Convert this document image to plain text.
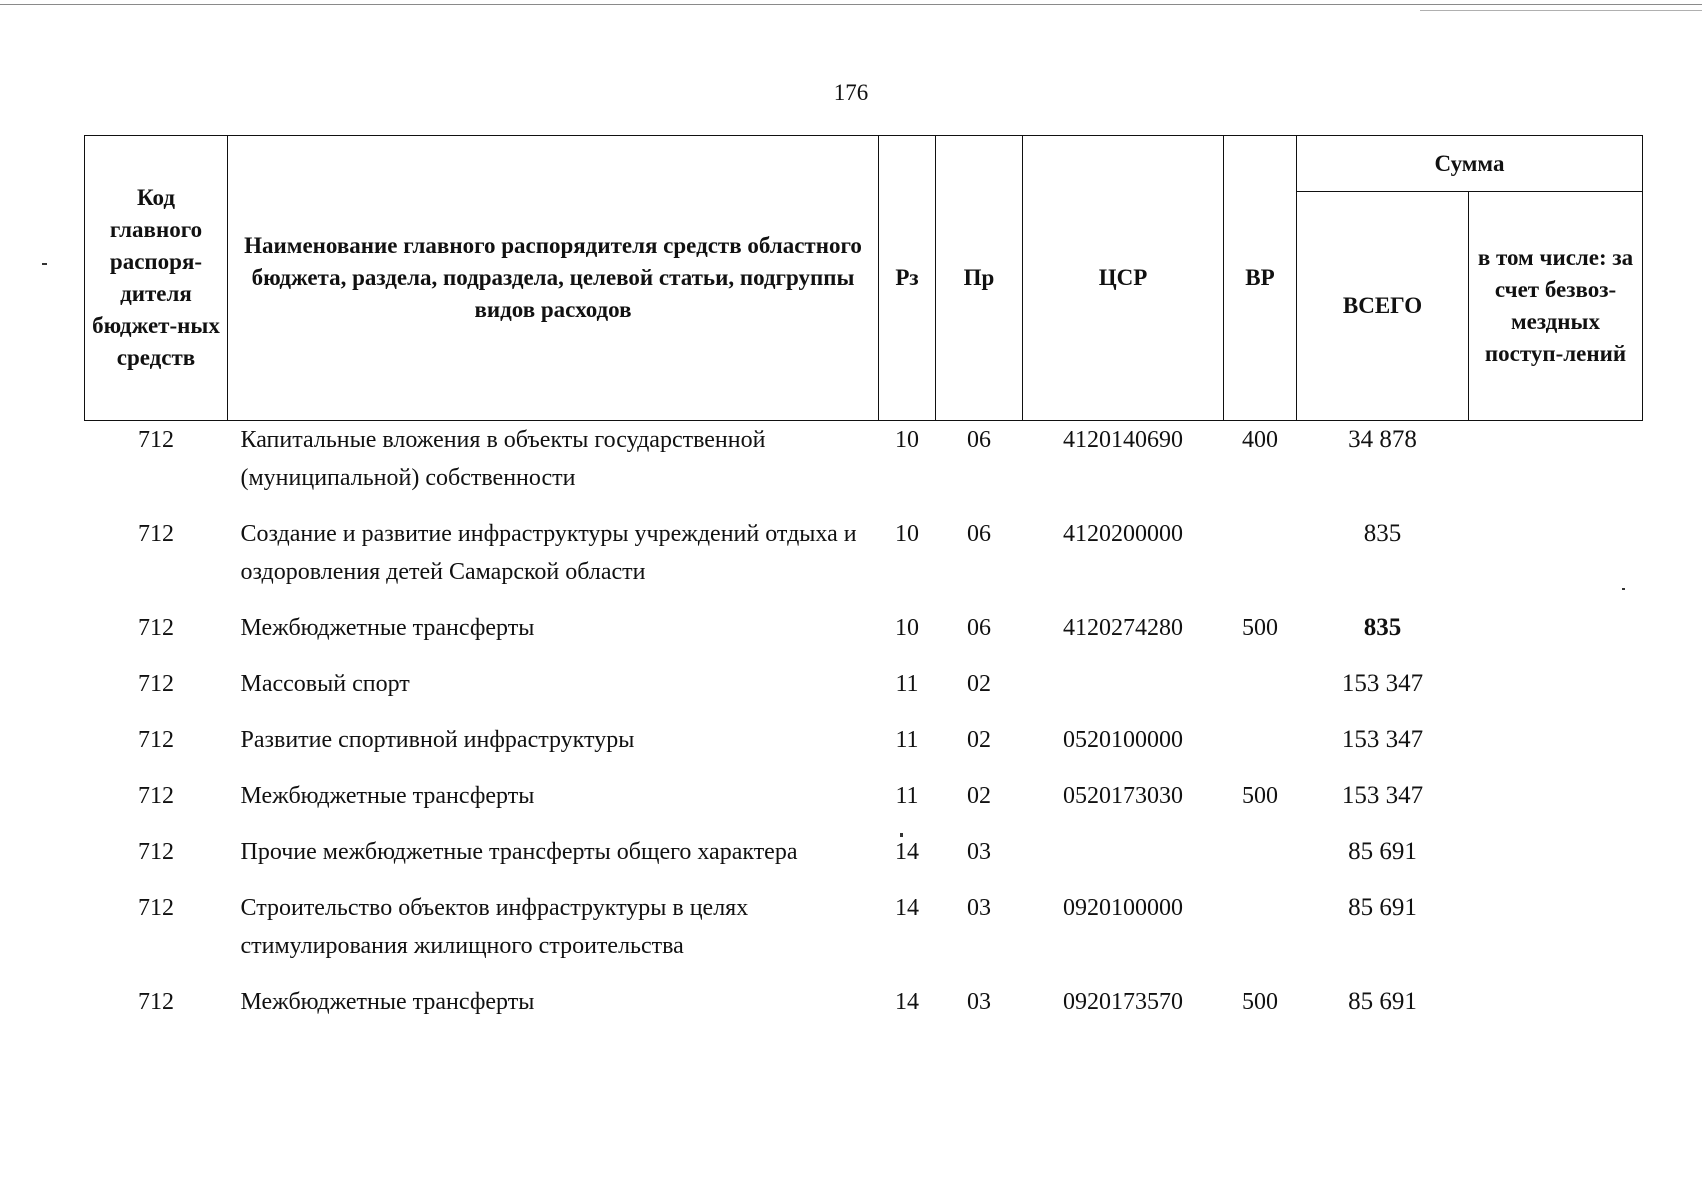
176
Код главного распоря-дителя бюджет-ных средств	Наименование главного распорядителя средств областного бюджета, раздела, подраздела, целевой статьи, подгруппы видов расходов	Рз	Пр	ЦСР	ВР	Сумма	
						ВСЕГО	в том числе: за счет безвоз-мездных поступ-лений
712	Капитальные вложения в объекты государственной (муниципальной) собственности	10	06	4120140690	400	34 878	
712	Создание и развитие инфраструктуры учреждений отдыха и оздоровления детей Самарской области	10	06	4120200000		835	
712	Межбюджетные трансферты	10	06	4120274280	500	835	
712	Массовый спорт	11	02			153 347	
712	Развитие спортивной инфраструктуры	11	02	0520100000		153 347	
712	Межбюджетные трансферты	11	02	0520173030	500	153 347	
712	Прочие межбюджетные трансферты общего характера	14	03			85 691	
712	Строительство объектов инфраструктуры в целях стимулирования жилищного строительства	14	03	0920100000		85 691	
712	Межбюджетные трансферты	14	03	0920173570	500	85 691	
